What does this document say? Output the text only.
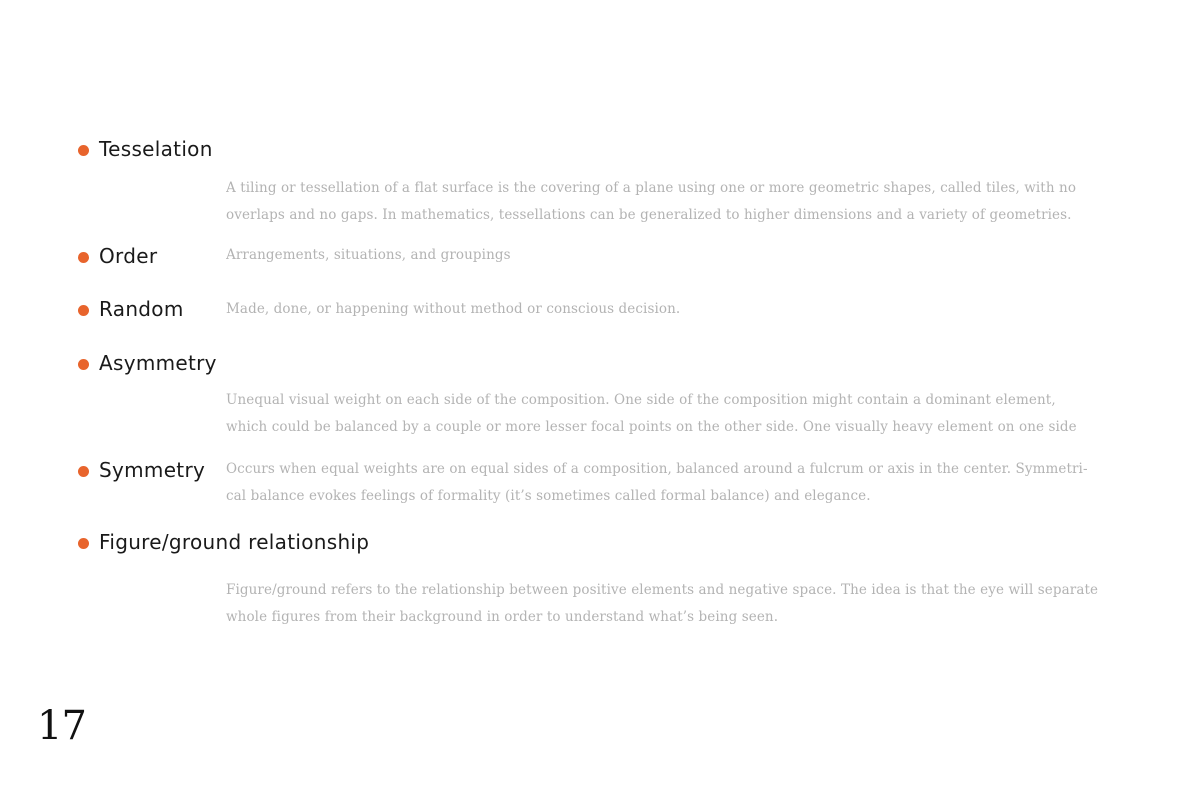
Tesselation
A tiling or tessellation of a flat surface is the covering of a plane using one or more geometric shapes, called tiles, with no
overlaps and no gaps. In mathematics, tessellations can be generalized to higher dimensions and a variety of geometries.
Order	Arrangements, situations, and groupings
Random	Made, done, or happening without method or conscious decision.
Asymmetry
Unequal visual weight on each side of the composition. One side of the composition might contain a dominant element,
which could be balanced by a couple or more lesser focal points on the other side. One visually heavy element on one side
Symmetry Occurs when equal weights are on equal sides of a composition, balanced around a fulcrum or axis in the center. Symmetri-
cal balance evokes feelings of formality (it’s sometimes called formal balance) and elegance.
Figure/ground relationship
Figure/ground refers to the relationship between positive elements and negative space. The idea is that the eye will separate
whole figures from their background in order to understand what’s being seen.
17
